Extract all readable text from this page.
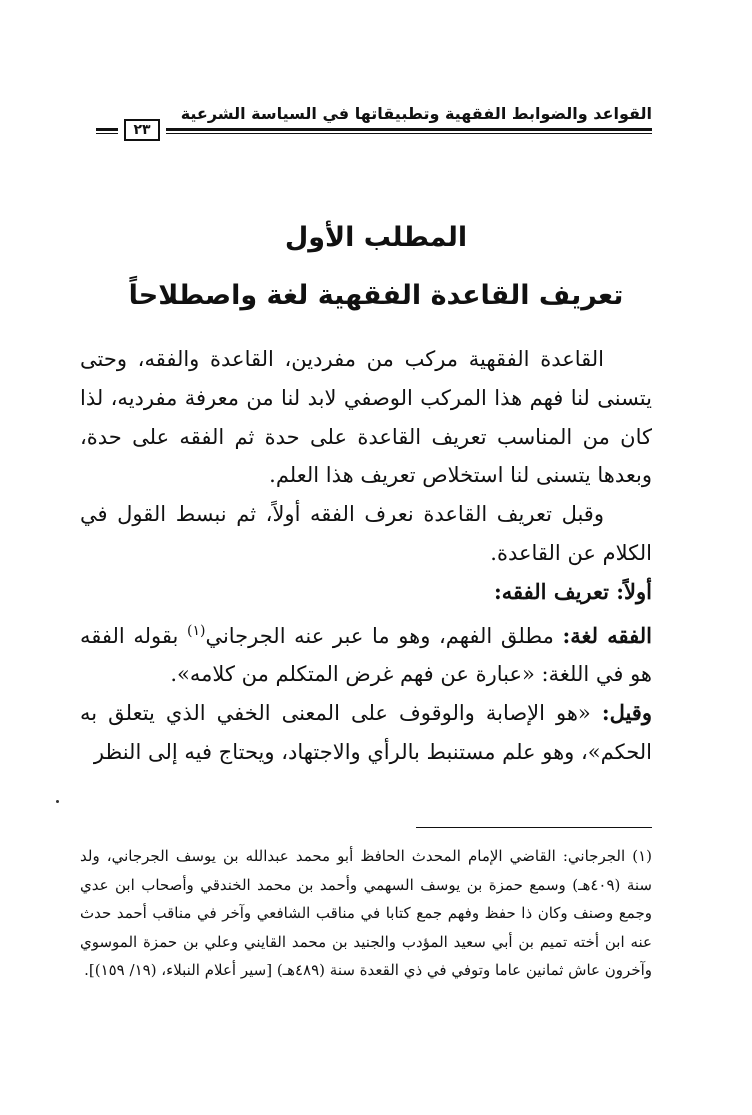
القواعد والضوابط الفقهية وتطبيقاتها في السياسة الشرعية
٢٣
المطلب الأول
تعريف القاعدة الفقهية لغة واصطلاحاً

القاعدة الفقهية مركب من مفردين، القاعدة والفقه، وحتى يتسنى لنا فهم هذا المركب الوصفي لابد لنا من معرفة مفرديه، لذا كان من المناسب تعريف القاعدة على حدة ثم الفقه على حدة، وبعدها يتسنى لنا استخلاص تعريف هذا العلم.

وقبل تعريف القاعدة نعرف الفقه أولاً، ثم نبسط القول في الكلام عن القاعدة.

أولاً: تعريف الفقه:

الفقه لغة: مطلق الفهم، وهو ما عبر عنه الجرجاني$^{(١)}$ بقوله الفقه هو في اللغة: «عبارة عن فهم غرض المتكلم من كلامه».

وقيل: «هو الإصابة والوقوف على المعنى الخفي الذي يتعلق به الحكم»، وهو علم مستنبط بالرأي والاجتهاد، ويحتاج فيه إلى النظر

(١) الجرجاني: القاضي الإمام المحدث الحافظ أبو محمد عبدالله بن يوسف الجرجاني، ولد سنة (٤٠٩هـ) وسمع حمزة بن يوسف السهمي وأحمد بن محمد الخندقي وأصحاب ابن عدي وجمع وصنف وكان ذا حفظ وفهم جمع كتابا في مناقب الشافعي وآخر في مناقب أحمد حدث عنه ابن أخته تميم بن أبي سعيد المؤدب والجنيد بن محمد القايني وعلي بن حمزة الموسوي وآخرون عاش ثمانين عاما وتوفي في ذي القعدة سنة (٤٨٩هـ) [سير أعلام النبلاء، (١٩/ ١٥٩)].
